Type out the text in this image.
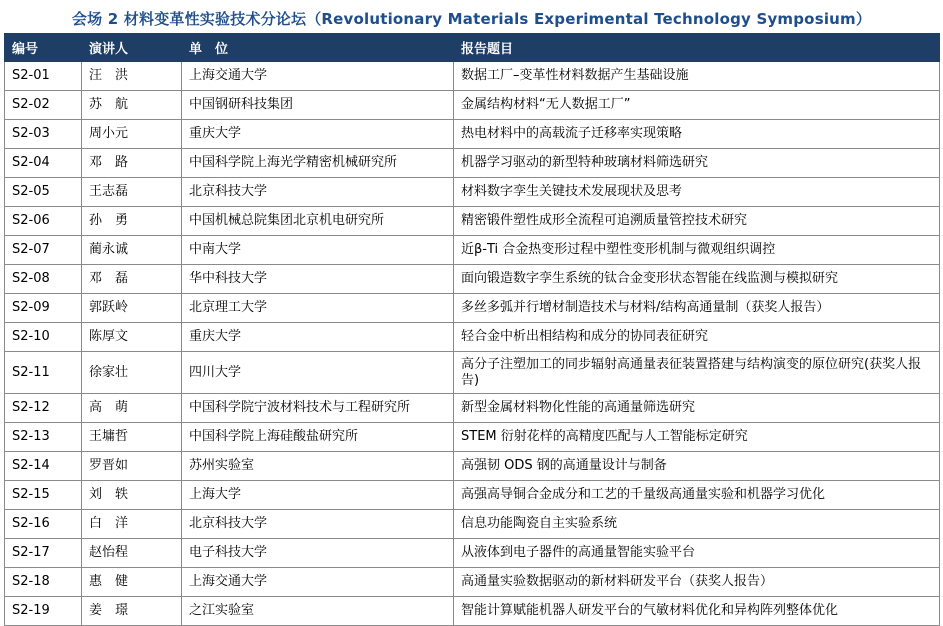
会场 2 材料变革性实验技术分论坛（Revolutionary Materials Experimental Technology Symposium）
编号	演讲人	单　位	报告题目
S2-01	汪　洪	上海交通大学	数据工厂–变革性材料数据产生基础设施
S2-02	苏　航	中国钢研科技集团	金属结构材料“无人数据工厂”
S2-03	周小元	重庆大学	热电材料中的高载流子迁移率实现策略
S2-04	邓　路	中国科学院上海光学精密机械研究所	机器学习驱动的新型特种玻璃材料筛选研究
S2-05	王志磊	北京科技大学	材料数字孪生关键技术发展现状及思考
S2-06	孙　勇	中国机械总院集团北京机电研究所	精密锻件塑性成形全流程可追溯质量管控技术研究
S2-07	蔺永诚	中南大学	近β-Ti 合金热变形过程中塑性变形机制与微观组织调控
S2-08	邓　磊	华中科技大学	面向锻造数字孪生系统的钛合金变形状态智能在线监测与模拟研究
S2-09	郭跃岭	北京理工大学	多丝多弧并行增材制造技术与材料/结构高通量制（获奖人报告）
S2-10	陈厚文	重庆大学	轻合金中析出相结构和成分的协同表征研究
S2-11	徐家壮	四川大学	高分子注塑加工的同步辐射高通量表征装置搭建与结构演变的原位研究(获奖人报告)
S2-12	高　萌	中国科学院宁波材料技术与工程研究所	新型金属材料物化性能的高通量筛选研究
S2-13	王墉哲	中国科学院上海硅酸盐研究所	STEM 衍射花样的高精度匹配与人工智能标定研究
S2-14	罗晋如	苏州实验室	高强韧 ODS 钢的高通量设计与制备
S2-15	刘　轶	上海大学	高强高导铜合金成分和工艺的千量级高通量实验和机器学习优化
S2-16	白　洋	北京科技大学	信息功能陶瓷自主实验系统
S2-17	赵怡程	电子科技大学	从液体到电子器件的高通量智能实验平台
S2-18	惠　健	上海交通大学	高通量实验数据驱动的新材料研发平台（获奖人报告）
S2-19	姜　璟	之江实验室	智能计算赋能机器人研发平台的气敏材料优化和异构阵列整体优化
